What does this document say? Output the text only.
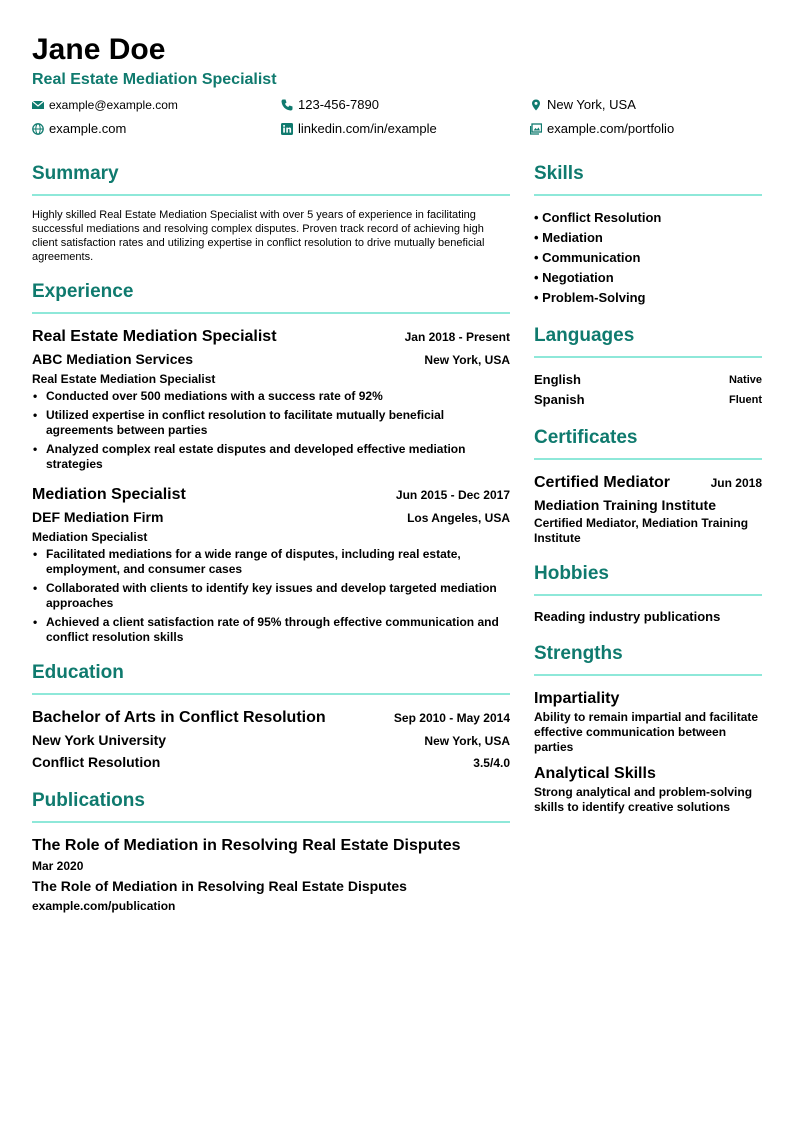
Jane Doe
Real Estate Mediation Specialist
example@example.com	123-456-7890	New York, USA
example.com	linkedin.com/in/example	example.com/portfolio
Summary
Highly skilled Real Estate Mediation Specialist with over 5 years of experience in facilitating successful mediations and resolving complex disputes. Proven track record of achieving high client satisfaction rates and utilizing expertise in conflict resolution to drive mutually beneficial agreements.
Experience
Real Estate Mediation Specialist	Jan 2018 - Present
ABC Mediation Services	New York, USA
Real Estate Mediation Specialist
• Conducted over 500 mediations with a success rate of 92%
• Utilized expertise in conflict resolution to facilitate mutually beneficial agreements between parties
• Analyzed complex real estate disputes and developed effective mediation strategies
Mediation Specialist	Jun 2015 - Dec 2017
DEF Mediation Firm	Los Angeles, USA
Mediation Specialist
• Facilitated mediations for a wide range of disputes, including real estate, employment, and consumer cases
• Collaborated with clients to identify key issues and develop targeted mediation approaches
• Achieved a client satisfaction rate of 95% through effective communication and conflict resolution skills
Education
Bachelor of Arts in Conflict Resolution	Sep 2010 - May 2014
New York University	New York, USA
Conflict Resolution	3.5/4.0
Publications
The Role of Mediation in Resolving Real Estate Disputes
Mar 2020
The Role of Mediation in Resolving Real Estate Disputes
example.com/publication
Skills
• Conflict Resolution
• Mediation
• Communication
• Negotiation
• Problem-Solving
Languages
English	Native
Spanish	Fluent
Certificates
Certified Mediator	Jun 2018
Mediation Training Institute
Certified Mediator, Mediation Training Institute
Hobbies
Reading industry publications
Strengths
Impartiality
Ability to remain impartial and facilitate effective communication between parties
Analytical Skills
Strong analytical and problem-solving skills to identify creative solutions
